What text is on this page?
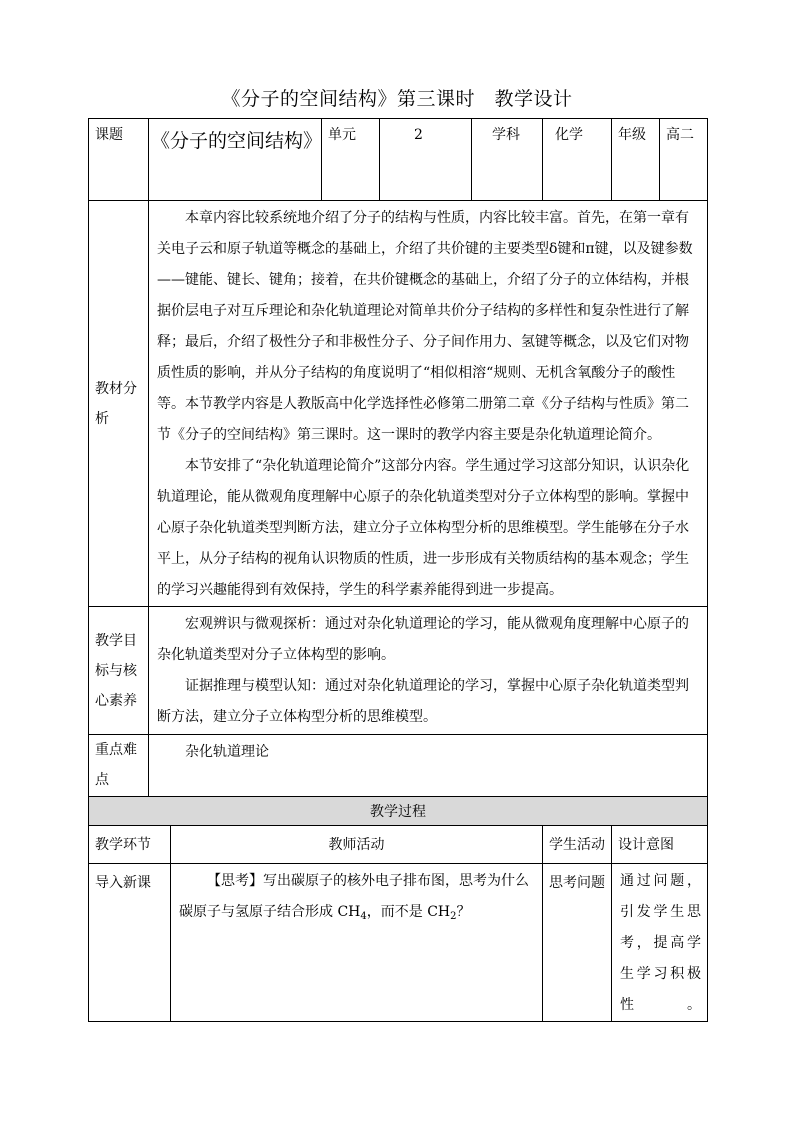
《分子的空间结构》第三课时　教学设计
课题	《分子的空间结构》		单元	2	学科	化学	年级	高二

教材分析	本章内容比较系统地介绍了分子的结构与性质，内容比较丰富。首先，在第一章有关电子云和原子轨道等概念的基础上，介绍了共价键的主要类型δ键和π键，以及键参数——键能、键长、键角；接着，在共价键概念的基础上，介绍了分子的立体结构，并根据价层电子对互斥理论和杂化轨道理论对简单共价分子结构的多样性和复杂性进行了解释；最后，介绍了极性分子和非极性分子、分子间作用力、氢键等概念，以及它们对物质性质的影响，并从分子结构的角度说明了“相似相溶“规则、无机含氧酸分子的酸性等。本节教学内容是人教版高中化学选择性必修第二册第二章《分子结构与性质》第二节《分子的空间结构》第三课时。这一课时的教学内容主要是杂化轨道理论简介。

本节安排了“杂化轨道理论简介”这部分内容。学生通过学习这部分知识，认识杂化轨道理论，能从微观角度理解中心原子的杂化轨道类型对分子立体构型的影响。掌握中心原子杂化轨道类型判断方法，建立分子立体构型分析的思维模型。学生能够在分子水平上，从分子结构的视角认识物质的性质，进一步形成有关物质结构的基本观念；学生的学习兴趣能得到有效保持，学生的科学素养能得到进一步提高。							

教学目标与核心素养	宏观辨识与微观探析：通过对杂化轨道理论的学习，能从微观角度理解中心原子的杂化轨道类型对分子立体构型的影响。

证据推理与模型认知：通过对杂化轨道理论的学习，掌握中心原子杂化轨道类型判断方法，建立分子立体构型分析的思维模型。							

重点难点	杂化轨道理论							

教学过程								

教学环节		教师活动				学生活动	设计意图	

导入新课		【思考】写出碳原子的核外电子排布图，思考为什么碳原子与氢原子结合形成 $CH_4$，而不是 $CH_2$？				思考问题	通过问题，引发学生思考，提高学生学习积极性。	
